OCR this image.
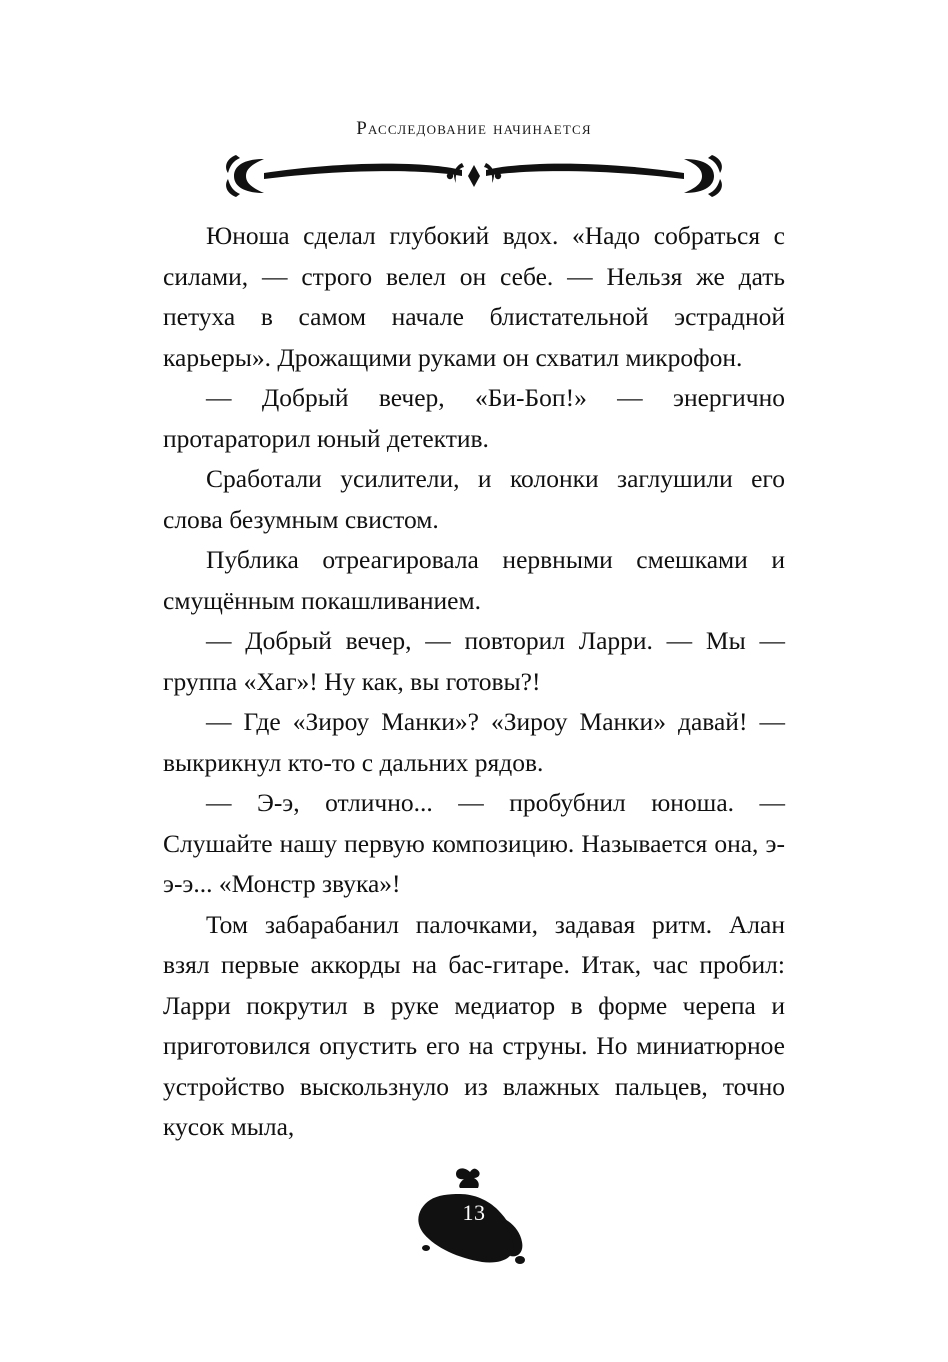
Расследование начинается

Юноша сделал глубокий вдох. «Надо собраться с силами, — строго велел он себе. — Нельзя же дать петуха в самом начале блистательной эстрадной карьеры». Дрожащими руками он схватил микрофон.

— Добрый вечер, «Би-Боп!» — энергично протараторил юный детектив.

Сработали усилители, и колонки заглушили его слова безумным свистом.

Публика отреагировала нервными смешками и смущённым покашливанием.

— Добрый вечер, — повторил Ларри. — Мы — группа «Хаг»! Ну как, вы готовы?!

— Где «Зироу Манки»? «Зироу Манки» давай! — выкрикнул кто-то с дальних рядов.

— Э-э, отлично... — пробубнил юноша. — Слушайте нашу первую композицию. Называется она, э-э-э... «Монстр звука»!

Том забарабанил палочками, задавая ритм. Алан взял первые аккорды на бас-гитаре. Итак, час пробил: Ларри покрутил в руке медиатор в форме черепа и приготовился опустить его на струны. Но миниатюрное устройство выскользнуло из влажных пальцев, точно кусок мыла,

13
